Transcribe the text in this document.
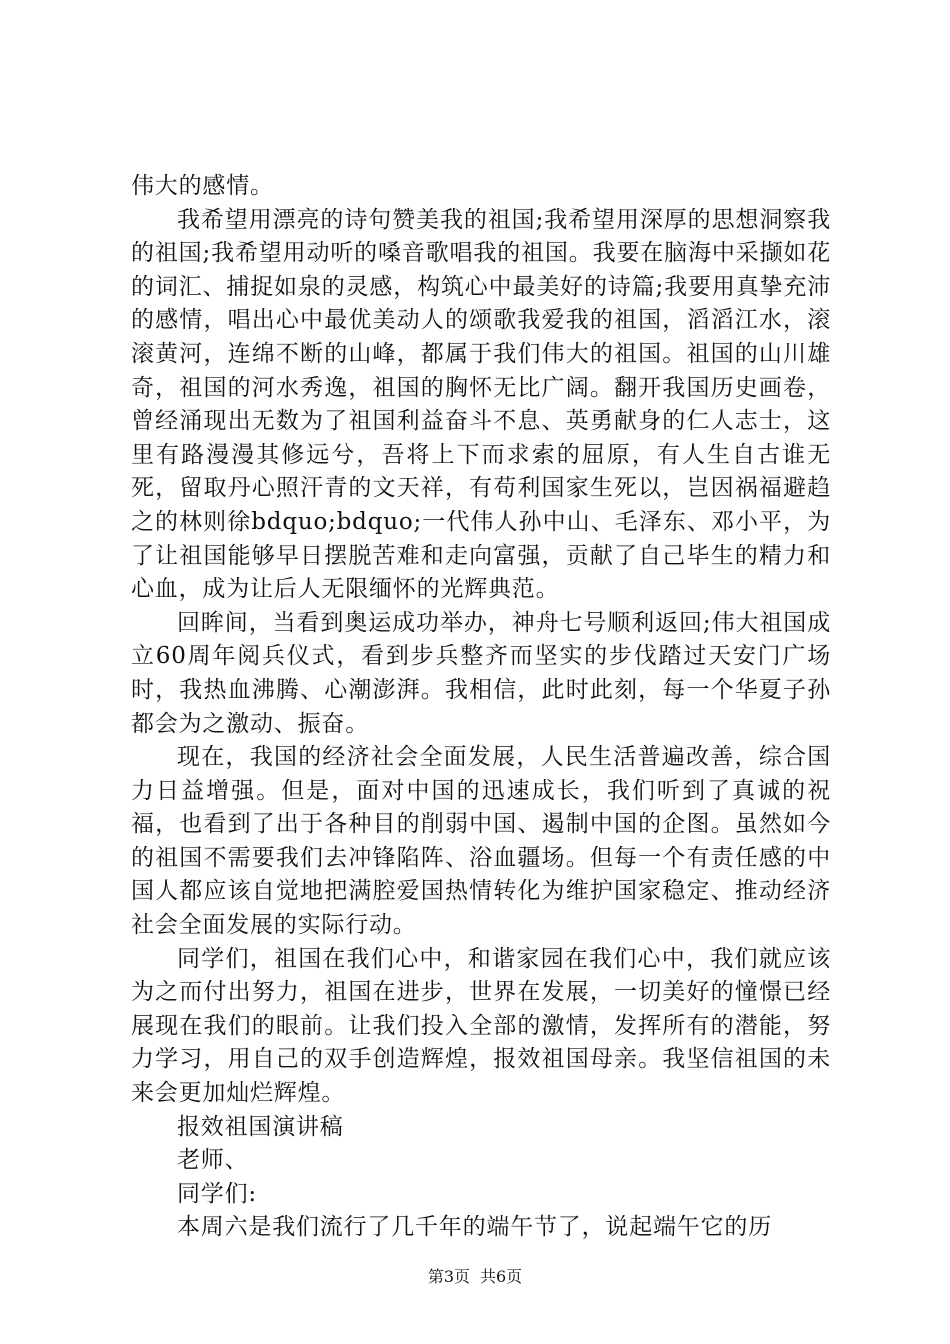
伟大的感情。

我希望用漂亮的诗句赞美我的祖国;我希望用深厚的思想洞察我的祖国;我希望用动听的嗓音歌唱我的祖国。我要在脑海中采撷如花的词汇、捕捉如泉的灵感，构筑心中最美好的诗篇;我要用真挚充沛的感情，唱出心中最优美动人的颂歌我爱我的祖国，滔滔江水，滚滚黄河，连绵不断的山峰，都属于我们伟大的祖国。祖国的山川雄奇，祖国的河水秀逸，祖国的胸怀无比广阔。翻开我国历史画卷，曾经涌现出无数为了祖国利益奋斗不息、英勇献身的仁人志士，这里有路漫漫其修远兮，吾将上下而求索的屈原，有人生自古谁无死，留取丹心照汗青的文天祥，有苟利国家生死以，岂因祸福避趋之的林则徐bdquo;bdquo;一代伟人孙中山、毛泽东、邓小平，为了让祖国能够早日摆脱苦难和走向富强，贡献了自己毕生的精力和心血，成为让后人无限缅怀的光辉典范。

回眸间，当看到奥运成功举办，神舟七号顺利返回;伟大祖国成立60周年阅兵仪式，看到步兵整齐而坚实的步伐踏过天安门广场时，我热血沸腾、心潮澎湃。我相信，此时此刻，每一个华夏子孙都会为之激动、振奋。

现在，我国的经济社会全面发展，人民生活普遍改善，综合国力日益增强。但是，面对中国的迅速成长，我们听到了真诚的祝福，也看到了出于各种目的削弱中国、遏制中国的企图。虽然如今的祖国不需要我们去冲锋陷阵、浴血疆场。但每一个有责任感的中国人都应该自觉地把满腔爱国热情转化为维护国家稳定、推动经济社会全面发展的实际行动。

同学们，祖国在我们心中，和谐家园在我们心中，我们就应该为之而付出努力，祖国在进步，世界在发展，一切美好的憧憬已经展现在我们的眼前。让我们投入全部的激情，发挥所有的潜能，努力学习，用自己的双手创造辉煌，报效祖国母亲。我坚信祖国的未来会更加灿烂辉煌。

报效祖国演讲稿

老师、

同学们:

本周六是我们流行了几千年的端午节了，说起端午它的历

第3页 共6页
